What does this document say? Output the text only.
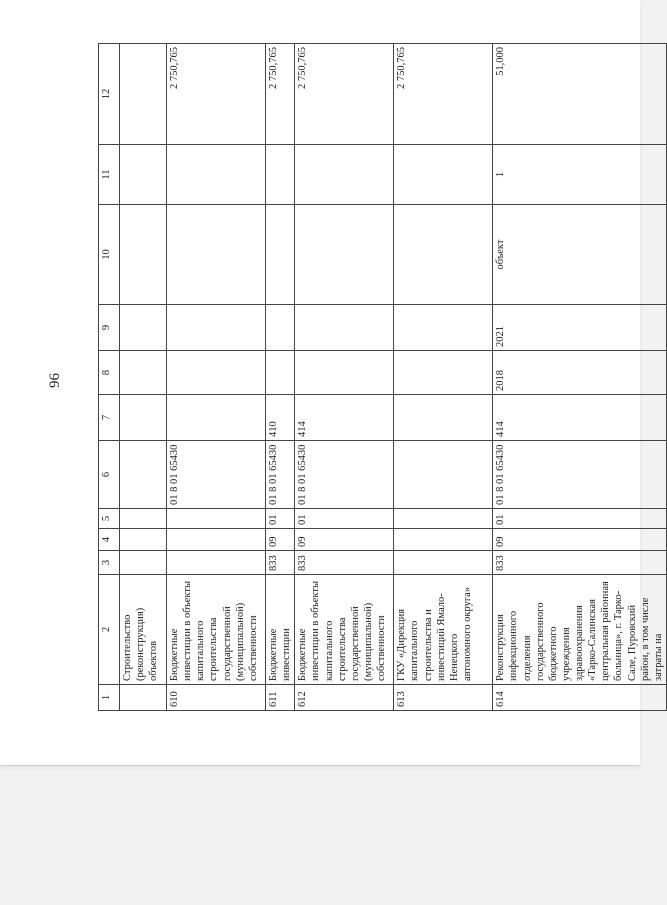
96
1	2	3	4	5	6	7	8	9	10	11	12
	Строительство (реконструкция) объектов										
610	Бюджетные инвестиции в объекты капитального строительства государственной (муниципальной) собственности				01 8 01 65430						2 750,765
611	Бюджетные инвестиции	833	09	01	01 8 01 65430	410					2 750,765
612	Бюджетные инвестиции в объекты капитального строительства государственной (муниципальной) собственности	833	09	01	01 8 01 65430	414					2 750,765
613	ГКУ «Дирекция капитального строительства и инвестиций Ямало-Ненецкого автономного округа»										2 750,765
614	Реконструкция инфекционного отделения государственного бюджетного учреждения здравоохранения «Тарко-Салинская центральная районная больница», г. Тарко-Сале, Пуровский район, в том числе затраты на	833	09	01	01 8 01 65430	414	2018	2021	объект	1	51,000
